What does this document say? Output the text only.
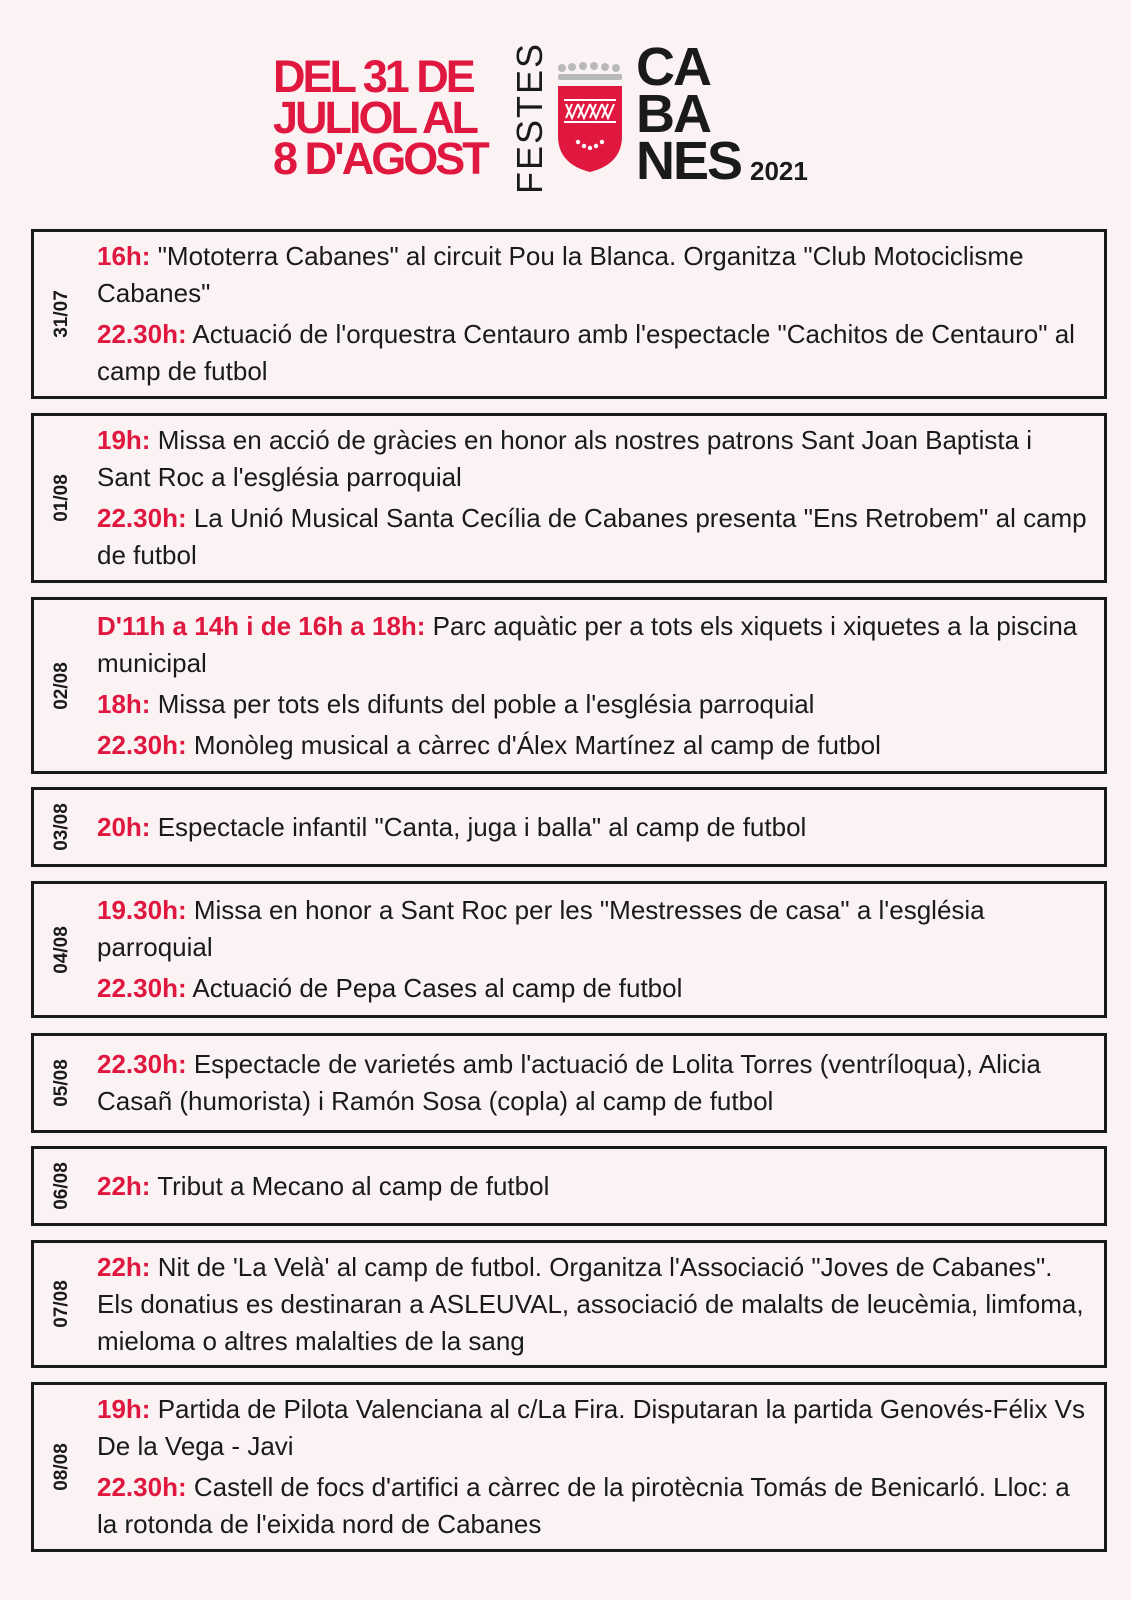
DEL 31 DE
JULIOL AL
8 D'AGOST FESTES CA
BA
NES 2021
31/07
16h: "Mototerra Cabanes" al circuit Pou la Blanca. Organitza "Club Motociclisme Cabanes"
22.30h: Actuació de l'orquestra Centauro amb l'espectacle "Cachitos de Centauro" al camp de futbol
01/08
19h: Missa en acció de gràcies en honor als nostres patrons Sant Joan Baptista i Sant Roc a l'església parroquial
22.30h: La Unió Musical Santa Cecília de Cabanes presenta "Ens Retrobem" al camp de futbol
02/08
D'11h a 14h i de 16h a 18h: Parc aquàtic per a tots els xiquets i xiquetes a la piscina municipal
18h: Missa per tots els difunts del poble a l'església parroquial
22.30h: Monòleg musical a càrrec d'Álex Martínez al camp de futbol
03/08 20h: Espectacle infantil "Canta, juga i balla" al camp de futbol
04/08
19.30h: Missa en honor a Sant Roc per les "Mestresses de casa" a l'església parroquial
22.30h: Actuació de Pepa Cases al camp de futbol
05/08 22.30h: Espectacle de varietés amb l'actuació de Lolita Torres (ventríloqua), Alicia Casañ (humorista) i Ramón Sosa (copla) al camp de futbol
06/08 22h: Tribut a Mecano al camp de futbol
07/08
22h: Nit de 'La Velà' al camp de futbol. Organitza l'Associació "Joves de Cabanes". Els donatius es destinaran a ASLEUVAL, associació de malalts de leucèmia, limfoma, mieloma o altres malalties de la sang
08/08
19h: Partida de Pilota Valenciana al c/La Fira. Disputaran la partida Genovés-Félix Vs De la Vega - Javi
22.30h: Castell de focs d'artifici a càrrec de la pirotècnia Tomás de Benicarló. Lloc: a la rotonda de l'eixida nord de Cabanes
